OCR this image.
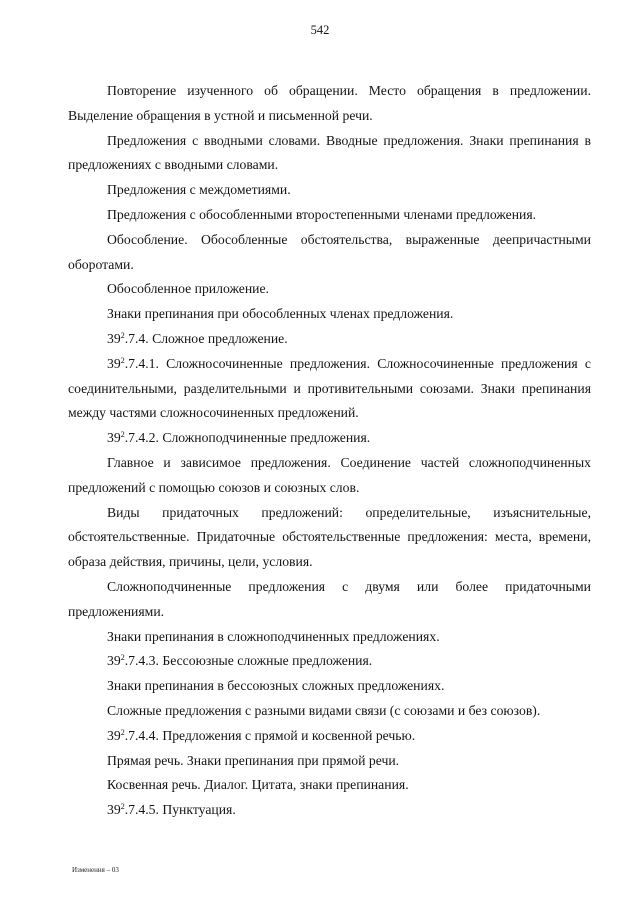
542

Повторение изученного об обращении. Место обращения в предложении. Выделение обращения в устной и письменной речи.

Предложения с вводными словами. Вводные предложения. Знаки препинания в предложениях с вводными словами.

Предложения с междометиями.

Предложения с обособленными второстепенными членами предложения.

Обособление. Обособленные обстоятельства, выраженные деепричастными оборотами.

Обособленное приложение.

Знаки препинания при обособленных членах предложения.

$39^2.7.4$. Сложное предложение.

$39^2.7.4.1$. Сложносочиненные предложения. Сложносочиненные предложения с соединительными, разделительными и противительными союзами. Знаки препинания между частями сложносочиненных предложений.

$39^2.7.4.2$. Сложноподчиненные предложения.

Главное и зависимое предложения. Соединение частей сложноподчиненных предложений с помощью союзов и союзных слов.

Виды придаточных предложений: определительные, изъяснительные, обстоятельственные. Придаточные обстоятельственные предложения: места, времени, образа действия, причины, цели, условия.

Сложноподчиненные предложения с двумя или более придаточными предложениями.

Знаки препинания в сложноподчиненных предложениях.

$39^2.7.4.3$. Бессоюзные сложные предложения.

Знаки препинания в бессоюзных сложных предложениях.

Сложные предложения с разными видами связи (с союзами и без союзов).

$39^2.7.4.4$. Предложения с прямой и косвенной речью.

Прямая речь. Знаки препинания при прямой речи.

Косвенная речь. Диалог. Цитата, знаки препинания.

$39^2.7.4.5$. Пунктуация.

Изменения – 03
